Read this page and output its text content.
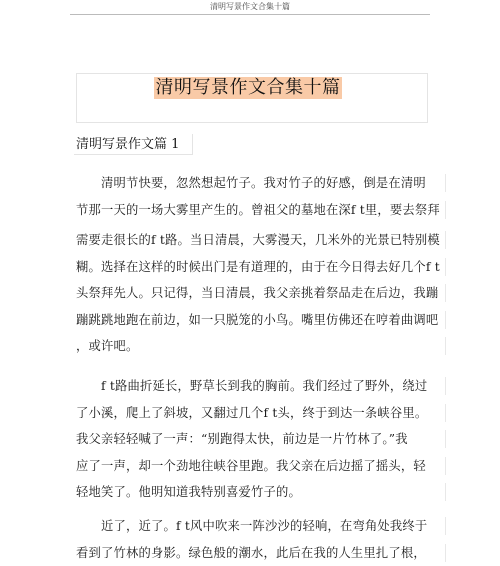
清明写景作文合集十篇
清明写景作文合集十篇
清明写景作文篇 1
清明节快要，忽然想起竹子。我对竹子的好感，倒是在清明
节那一天的一场大雾里产生的。曾祖父的墓地在深f t里，要去祭拜
需要走很长的f t路。当日清晨，大雾漫天，几米外的光景已特别模
糊。选择在这样的时候出门是有道理的，由于在今日得去好几个f t
头祭拜先人。只记得，当日清晨，我父亲挑着祭品走在后边，我蹦
蹦跳跳地跑在前边，如一只脱笼的小鸟。嘴里仿佛还在哼着曲调吧
，或许吧。
f t路曲折延长，野草长到我的胸前。我们经过了野外，绕过
了小溪，爬上了斜坡，又翻过几个f t头，终于到达一条峡谷里。
我父亲轻轻喊了一声：“别跑得太快，前边是一片竹林了。”我
应了一声，却一个劲地往峡谷里跑。我父亲在后边摇了摇头，轻
轻地笑了。他明知道我特别喜爱竹子的。
近了，近了。f t风中吹来一阵沙沙的轻响，在弯角处我终于
看到了竹林的身影。绿色般的潮水，此后在我的人生里扎了根，
